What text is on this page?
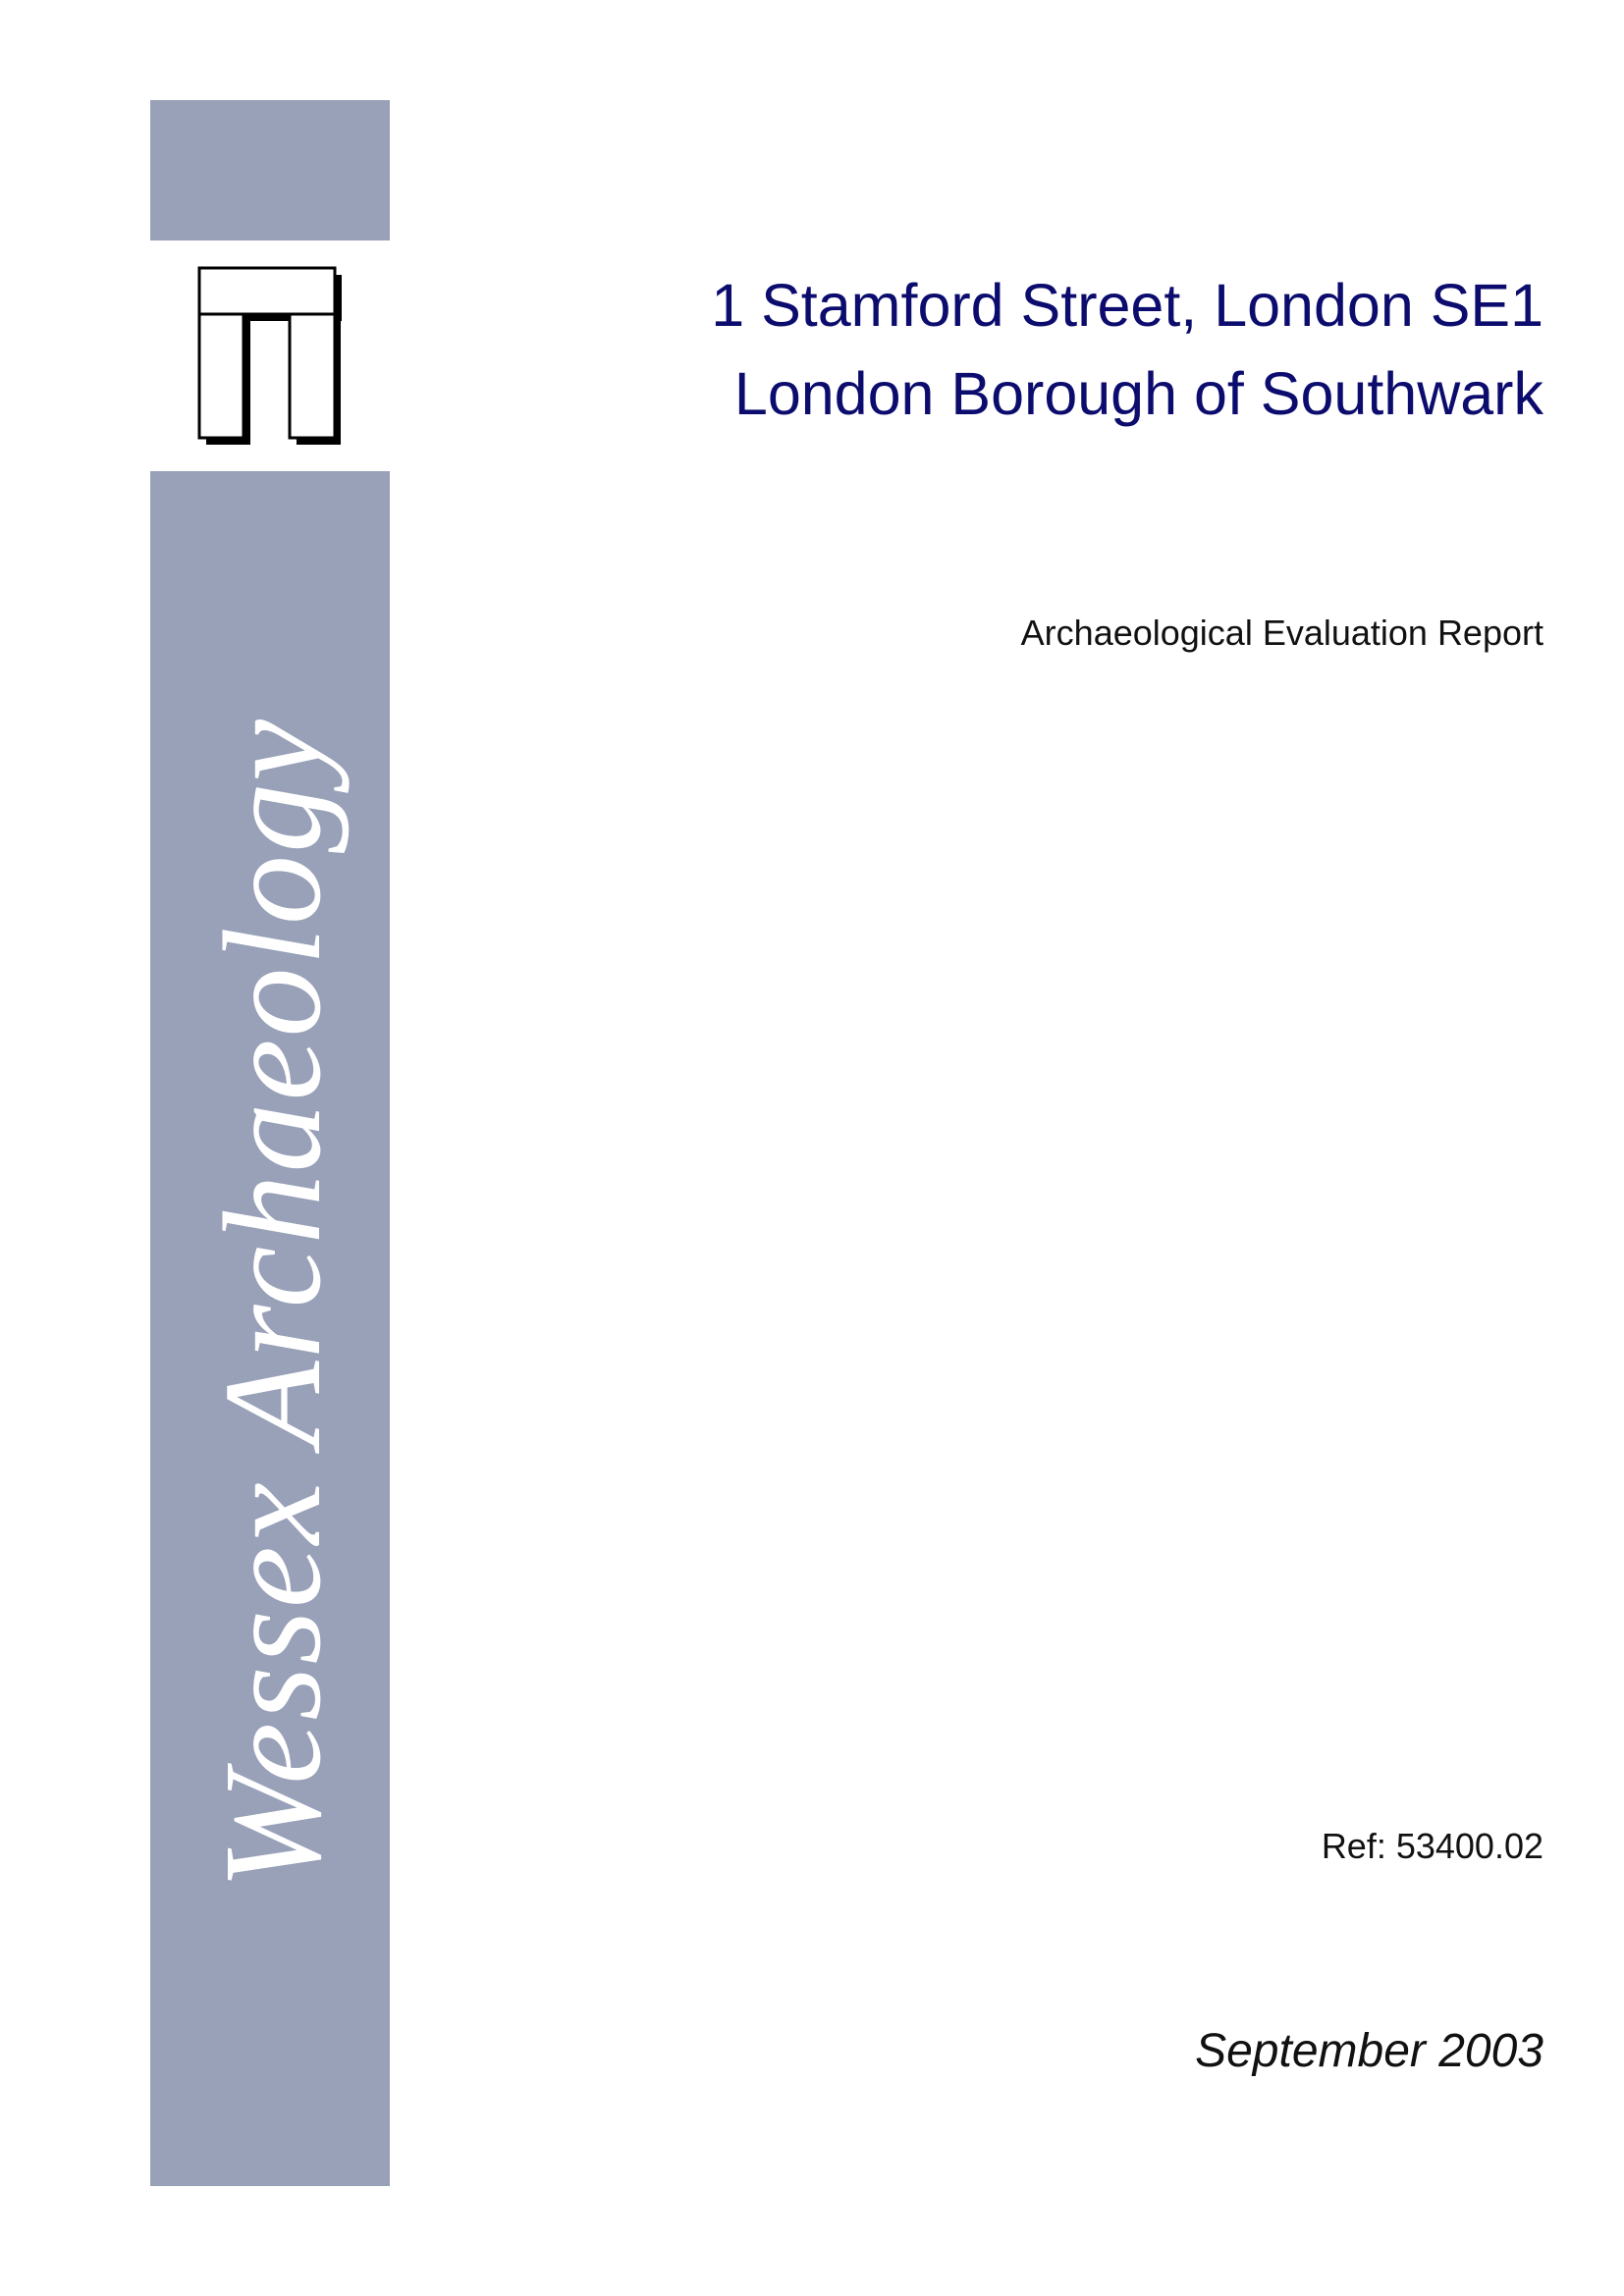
Wessex Archaeology
1 Stamford Street, London SE1
London Borough of Southwark
Archaeological Evaluation Report
Ref: 53400.02
September 2003
